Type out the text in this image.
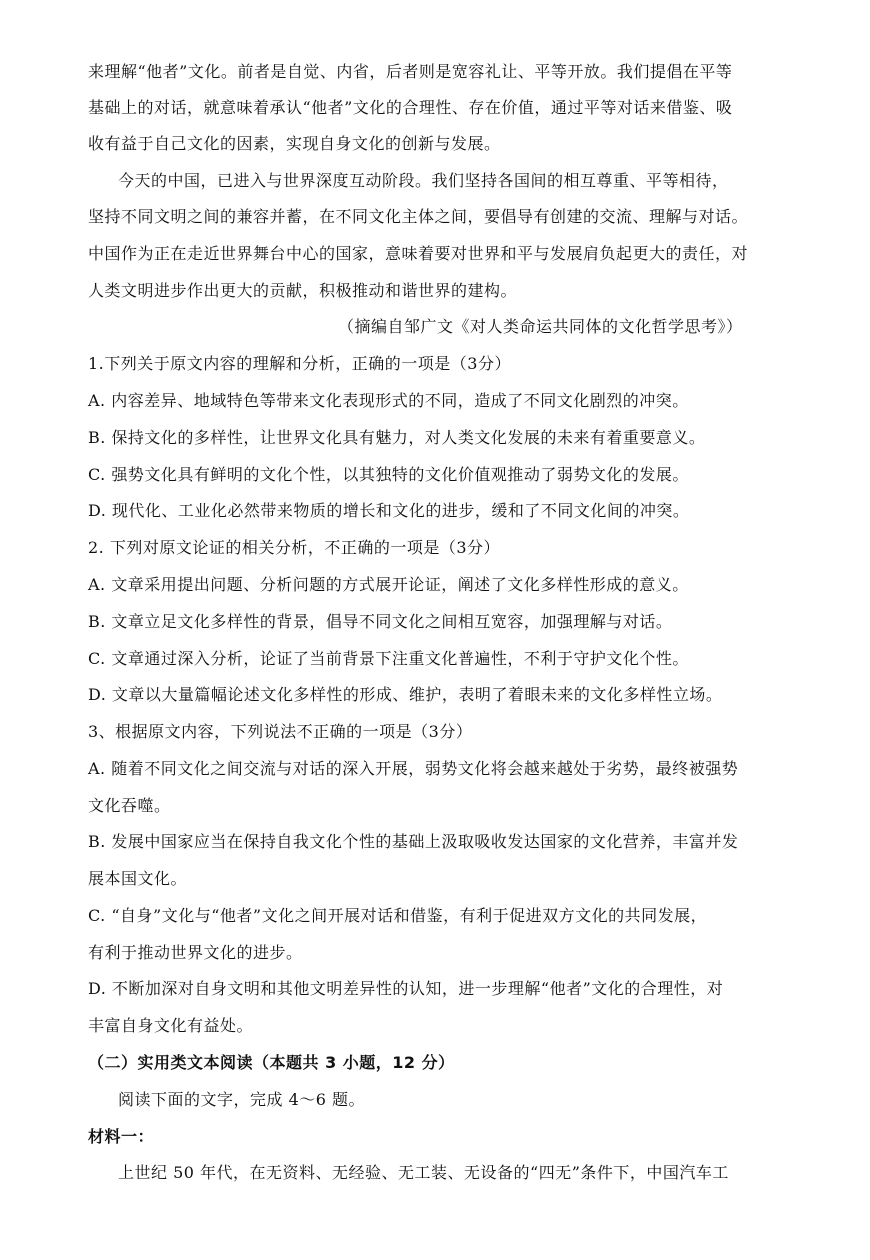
来理解“他者”文化。前者是自觉、内省，后者则是宽容礼让、平等开放。我们提倡在平等
基础上的对话，就意味着承认“他者”文化的合理性、存在价值，通过平等对话来借鉴、吸
收有益于自己文化的因素，实现自身文化的创新与发展。
今天的中国，已进入与世界深度互动阶段。我们坚持各国间的相互尊重、平等相待，
坚持不同文明之间的兼容并蓄，在不同文化主体之间，要倡导有创建的交流、理解与对话。
中国作为正在走近世界舞台中心的国家，意味着要对世界和平与发展肩负起更大的责任，对
人类文明进步作出更大的贡献，积极推动和谐世界的建构。
（摘编自邹广文《对人类命运共同体的文化哲学思考》）
1.下列关于原文内容的理解和分析，正确的一项是（3分）
A. 内容差异、地域特色等带来文化表现形式的不同，造成了不同文化剧烈的冲突。
B. 保持文化的多样性，让世界文化具有魅力，对人类文化发展的未来有着重要意义。
C. 强势文化具有鲜明的文化个性，以其独特的文化价值观推动了弱势文化的发展。
D. 现代化、工业化必然带来物质的增长和文化的进步，缓和了不同文化间的冲突。
2. 下列对原文论证的相关分析，不正确的一项是（3分）
A. 文章采用提出问题、分析问题的方式展开论证，阐述了文化多样性形成的意义。
B. 文章立足文化多样性的背景，倡导不同文化之间相互宽容，加强理解与对话。
C. 文章通过深入分析，论证了当前背景下注重文化普遍性，不利于守护文化个性。
D. 文章以大量篇幅论述文化多样性的形成、维护，表明了着眼未来的文化多样性立场。
3、根据原文内容，下列说法不正确的一项是（3分）
A. 随着不同文化之间交流与对话的深入开展，弱势文化将会越来越处于劣势，最终被强势
文化吞噬。
B. 发展中国家应当在保持自我文化个性的基础上汲取吸收发达国家的文化营养，丰富并发
展本国文化。
C. “自身”文化与“他者”文化之间开展对话和借鉴，有利于促进双方文化的共同发展，
有利于推动世界文化的进步。
D. 不断加深对自身文明和其他文明差异性的认知，进一步理解“他者”文化的合理性，对
丰富自身文化有益处。
（二）实用类文本阅读（本题共 3 小题，12 分）
阅读下面的文字，完成 4～6 题。
材料一：
上世纪 50 年代，在无资料、无经验、无工装、无设备的“四无”条件下，中国汽车工
